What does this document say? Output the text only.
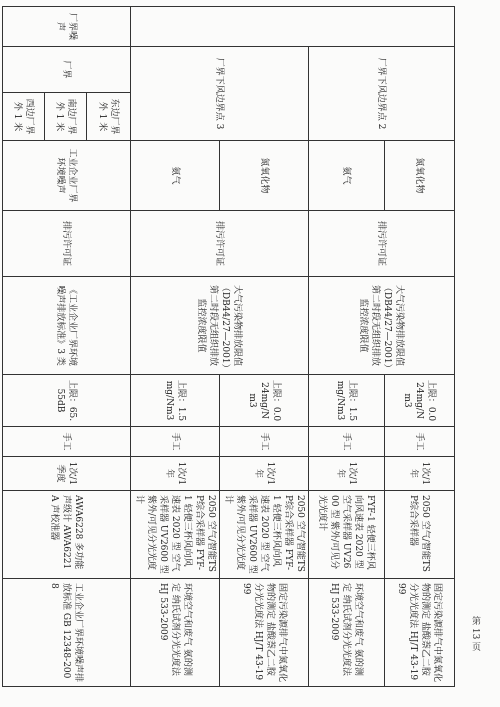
	厂界下风边界点 2		氮氧化物	排污许可证	大气污染物排放限值（DB44/27—2001）第二时段无组织排放监控浓度限值	上限：0.024mg/Nm3	手工	1次/1年	2050 空气/智能TSP综合采样器	固定污染源排气中氮氧化物的测定 盐酸萘乙二胺分光光度法 HJ/T 43-1999
			氨气			上限：1.5mg/Nm3	手工	1次/1年	FYF-1 轻便三杯风向风速表 2020 型 空气采样器 UV2600 型 紫外/可见分光光度计	环境空气和废气 氨的测定 纳氏试剂分光光度法 HJ 533-2009
	厂界下风边界点 3		氮氧化物	排污许可证	大气污染物排放限值（DB44/27—2001）第二时段无组织排放监控浓度限值	上限：0.024mg/Nm3	手工	1次/1年	2050 空气/智能TSP综合采样器 FYF-1 轻便三杯风向风速表 2020 型 空气采样器 UV2600 型 紫外/可见分光光度计	固定污染源排气中氮氧化物的测定 盐酸萘乙二胺分光光度法 HJ/T 43-1999
			氨气			上限：1.5mg/Nm3	手工	1次/1年	2050 空气/智能TSP综合采样器 FYF-1 轻便三杯风向风速表 2020 型 空气采样器 UV2600 型 紫外/可见分光光度计	环境空气和废气 氨的测定 纳氏试剂分光光度法 HJ 533-2009
厂界噪声	厂界	东边厂界外 1 米	工业企业厂界环境噪声	排污许可证	《工业企业厂界环境噪声排放标准》3 类	上限：65.55dB	手工	1次/1季度	AWA6228 多功能声级计 AWA6221A 声校准器	工业企业厂界环境噪声排放标准 GB 12348-2008
		南边厂界外 1 米								
		西边厂界外 1 米								
第 13 页
